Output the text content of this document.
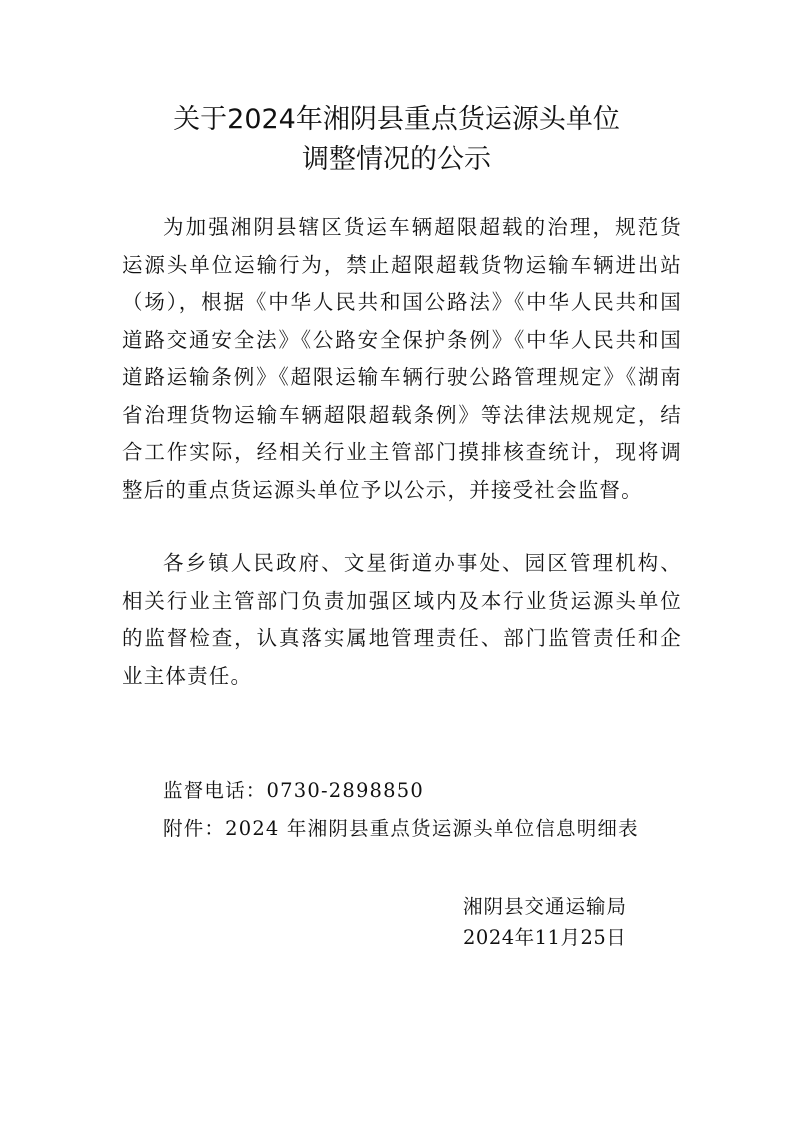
关于2024年湘阴县重点货运源头单位
调整情况的公示

为加强湘阴县辖区货运车辆超限超载的治理，规范货运源头单位运输行为，禁止超限超载货物运输车辆进出站（场），根据《中华人民共和国公路法》《中华人民共和国道路交通安全法》《公路安全保护条例》《中华人民共和国道路运输条例》《超限运输车辆行驶公路管理规定》《湖南省治理货物运输车辆超限超载条例》等法律法规规定，结合工作实际，经相关行业主管部门摸排核查统计，现将调整后的重点货运源头单位予以公示，并接受社会监督。

各乡镇人民政府、文星街道办事处、园区管理机构、相关行业主管部门负责加强区域内及本行业货运源头单位的监督检查，认真落实属地管理责任、部门监管责任和企业主体责任。

监督电话：0730-2898850

附件：2024 年湘阴县重点货运源头单位信息明细表

湘阴县交通运输局

2024年11月25日
